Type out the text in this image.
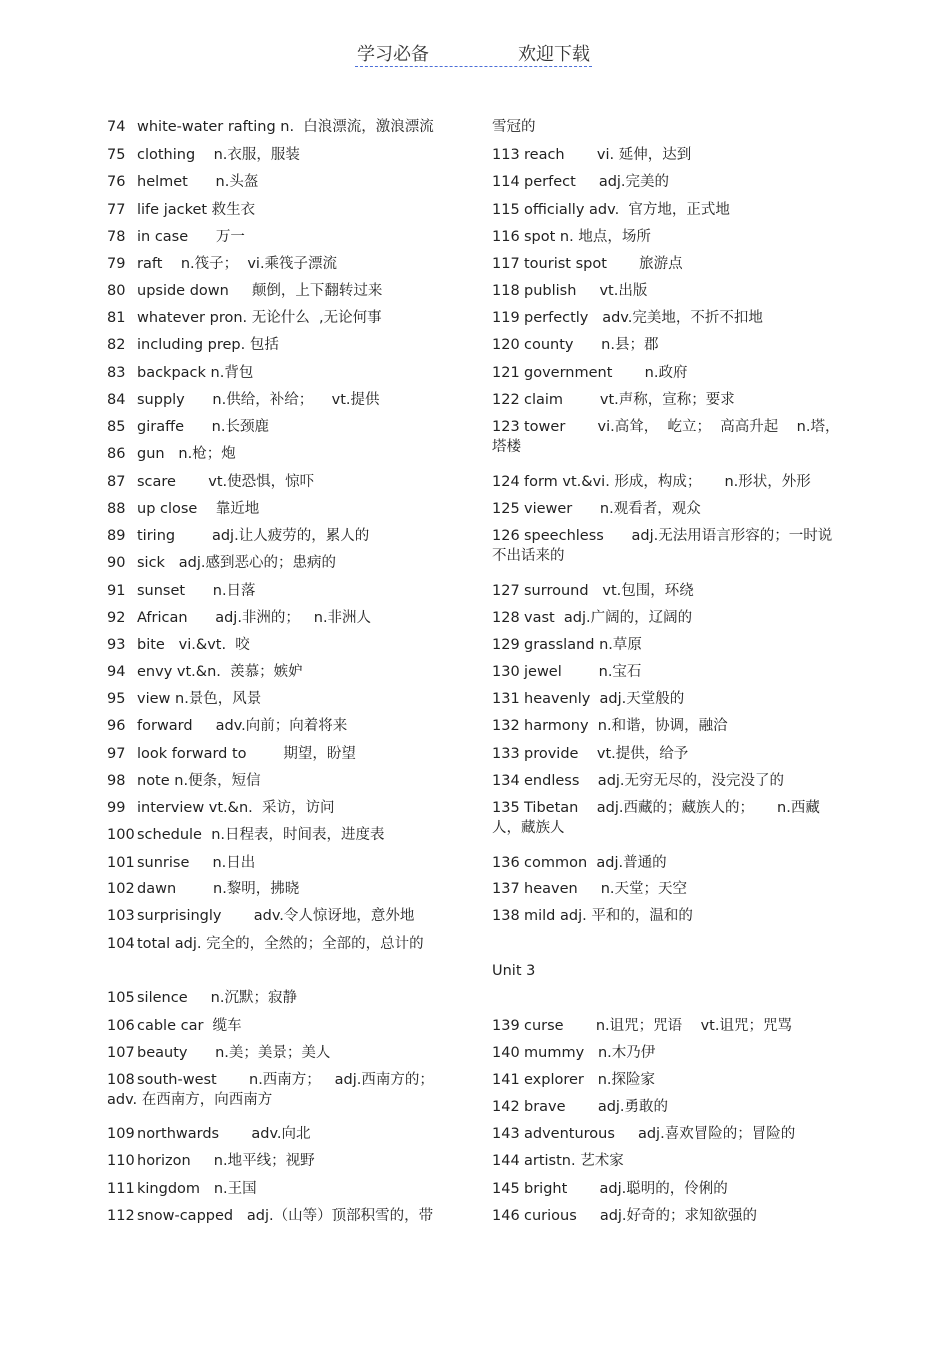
学习必备	欢迎下载
74 white-water rafting n.  白浪漂流，激浪漂流
75 clothing    n.衣服，服装
76 helmet      n.头盔
77 life jacket 救生衣
78 in case      万一
79 raft    n.筏子；  vi.乘筏子漂流
80 upside down     颠倒，上下翻转过来
81 whatever pron. 无论什么  ,无论何事
82 including prep. 包括
83 backpack n.背包
84 supply      n.供给，补给；    vt.提供
85 giraffe      n.长颈鹿
86 gun   n.枪；炮
87 scare       vt.使恐惧，惊吓
88 up close    靠近地
89 tiring        adj.让人疲劳的，累人的
90 sick   adj.感到恶心的；患病的
91 sunset      n.日落
92 African      adj.非洲的；   n.非洲人
93 bite   vi.&vt.  咬
94 envy vt.&n.  羡慕；嫉妒
95 view n.景色，风景
96 forward     adv.向前；向着将来
97 look forward to        期望，盼望
98 note n.便条，短信
99 interview vt.&n.  采访，访问
100 schedule  n.日程表，时间表，进度表
101 sunrise     n.日出
102 dawn        n.黎明，拂晓
103 surprisingly       adv.令人惊讶地，意外地
104 total adj. 完全的，全然的；全部的，总计的
105 silence     n.沉默；寂静
106 cable car  缆车
107 beauty      n.美；美景；美人
108 south-west       n.西南方；   adj.西南方的；    adv. 在西南方，向西南方
109 northwards       adv.向北
110 horizon     n.地平线；视野
111 kingdom   n.王国
112 snow-capped   adj.（山等）顶部积雪的，带
雪冠的
113 reach       vi. 延伸，达到
114 perfect     adj.完美的
115 officially adv.  官方地，正式地
116 spot n. 地点，场所
117 tourist spot       旅游点
118 publish     vt.出版
119 perfectly   adv.完美地，不折不扣地
120 county      n.县；郡
121 government       n.政府
122 claim        vt.声称，宣称；要求
123 tower       vi.高耸，  屹立；  高高升起    n.塔，塔楼
124 form vt.&vi. 形成，构成；     n.形状，外形
125 viewer      n.观看者，观众
126 speechless      adj.无法用语言形容的；一时说不出话来的
127 surround   vt.包围，环绕
128 vast  adj.广阔的，辽阔的
129 grassland n.草原
130 jewel        n.宝石
131 heavenly  adj.天堂般的
132 harmony  n.和谐，协调，融洽
133 provide    vt.提供，给予
134 endless    adj.无穷无尽的，没完没了的
135 Tibetan    adj.西藏的；藏族人的；     n.西藏人，藏族人
136 common  adj.普通的
137 heaven     n.天堂；天空
138 mild adj. 平和的，温和的
Unit 3
139 curse       n.诅咒；咒语    vt.诅咒；咒骂
140 mummy   n.木乃伊
141 explorer   n.探险家
142 brave       adj.勇敢的
143 adventurous     adj.喜欢冒险的；冒险的
144 artistn. 艺术家
145 bright       adj.聪明的，伶俐的
146 curious     adj.好奇的；求知欲强的
